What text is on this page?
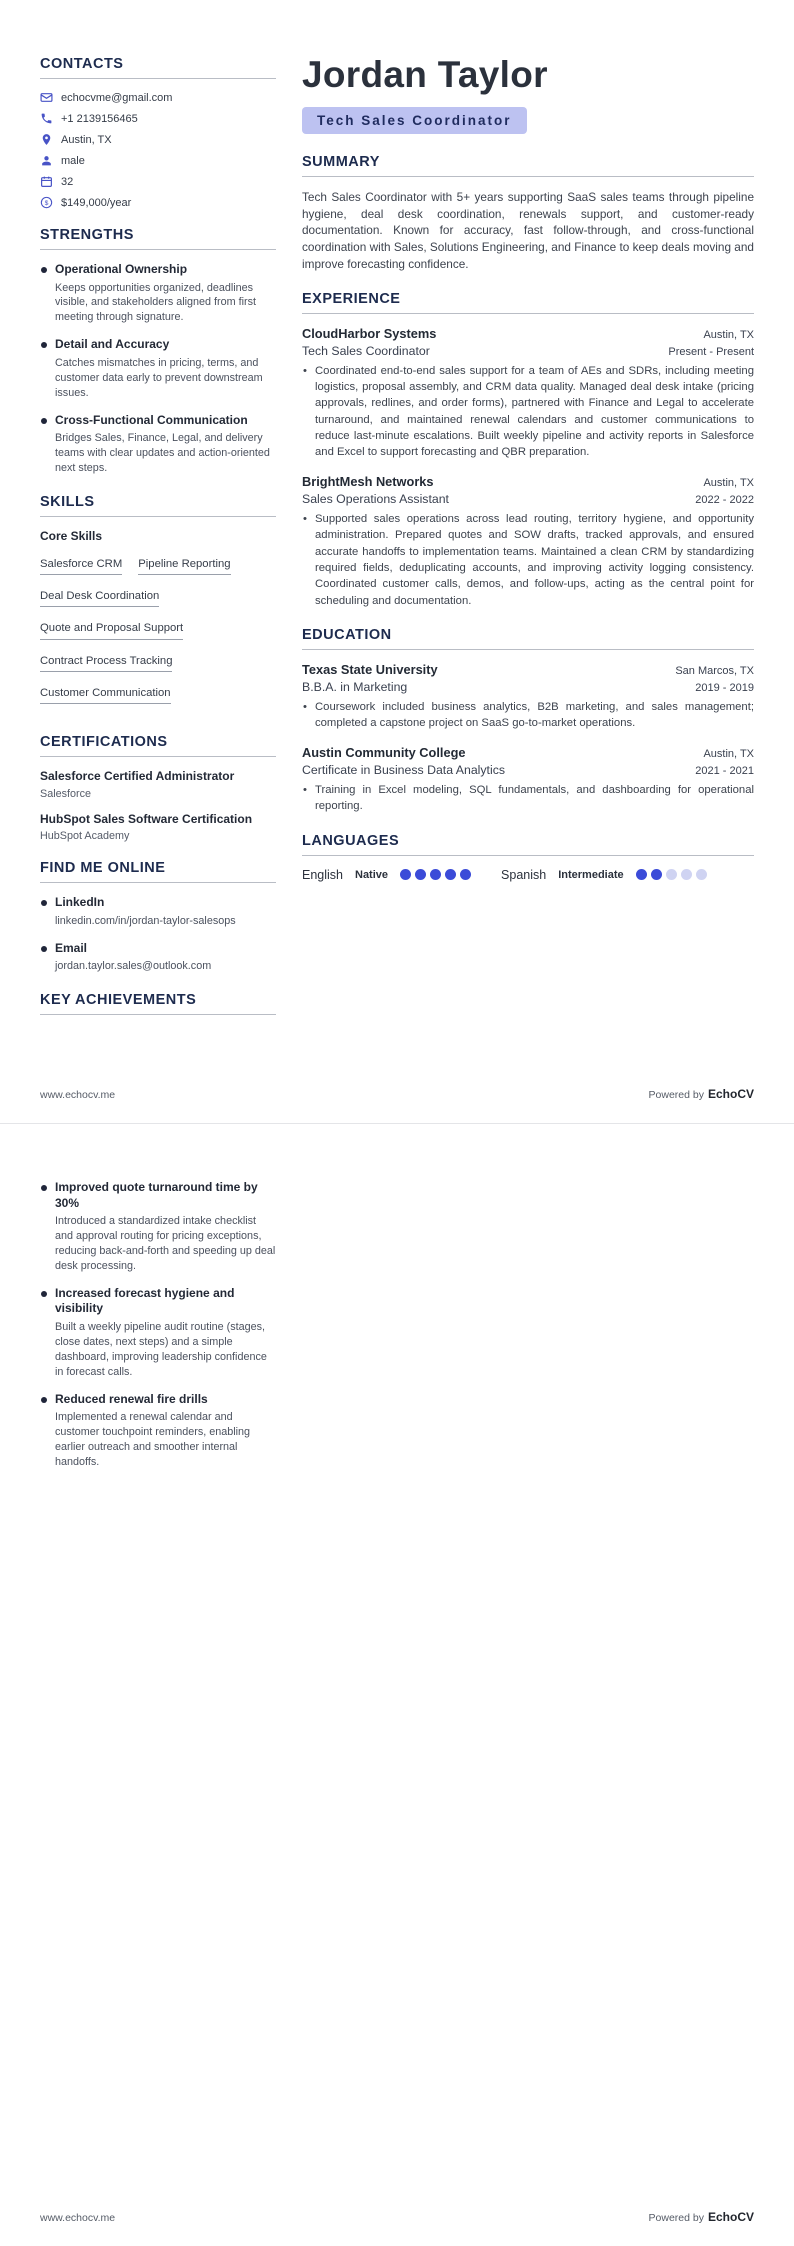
CONTACTS
echocvme@gmail.com
+1 2139156465
Austin, TX
male
32
$ $149,000/year
STRENGTHS
Operational Ownership
Keeps opportunities organized, deadlines visible, and stakeholders aligned from first meeting through signature.
Detail and Accuracy
Catches mismatches in pricing, terms, and customer data early to prevent downstream issues.
Cross-Functional Communication
Bridges Sales, Finance, Legal, and delivery teams with clear updates and action-oriented next steps.
SKILLS
Core Skills
Salesforce CRM Pipeline ReportingDeal Desk CoordinationQuote and Proposal SupportContract Process TrackingCustomer Communication
CERTIFICATIONS
Salesforce Certified Administrator
Salesforce
HubSpot Sales Software Certification
HubSpot Academy
FIND ME ONLINE
LinkedIn
linkedin.com/in/jordan-taylor-salesops
Email
jordan.taylor.sales@outlook.com
KEY ACHIEVEMENTS
Jordan Taylor
Tech Sales Coordinator
SUMMARY

Tech Sales Coordinator with 5+ years supporting SaaS sales teams through pipeline hygiene, deal desk coordination, renewals support, and customer-ready documentation. Known for accuracy, fast follow-through, and cross-functional coordination with Sales, Solutions Engineering, and Finance to keep deals moving and improve forecasting confidence.

EXPERIENCE
CloudHarbor Systems	Austin, TX
Tech Sales Coordinator	Present - Present
• Coordinated end-to-end sales support for a team of AEs and SDRs, including meeting logistics, proposal assembly, and CRM data quality. Managed deal desk intake (pricing approvals, redlines, and order forms), partnered with Finance and Legal to accelerate turnaround, and maintained renewal calendars and customer communications to reduce last-minute escalations. Built weekly pipeline and activity reports in Salesforce and Excel to support forecasting and QBR preparation.
BrightMesh Networks	Austin, TX
Sales Operations Assistant	2022 - 2022
• Supported sales operations across lead routing, territory hygiene, and opportunity administration. Prepared quotes and SOW drafts, tracked approvals, and ensured accurate handoffs to implementation teams. Maintained a clean CRM by standardizing required fields, deduplicating accounts, and improving activity logging consistency. Coordinated customer calls, demos, and follow-ups, acting as the central point for scheduling and documentation.
EDUCATION
Texas State University	San Marcos, TX
B.B.A. in Marketing	2019 - 2019
• Coursework included business analytics, B2B marketing, and sales management; completed a capstone project on SaaS go-to-market operations.
Austin Community College	Austin, TX
Certificate in Business Data Analytics	2021 - 2021
• Training in Excel modeling, SQL fundamentals, and dashboarding for operational reporting.
LANGUAGES
English Native	Spanish Intermediate
www.echocv.me	Powered by EchoCV
Improved quote turnaround time by 30%
Introduced a standardized intake checklist and approval routing for pricing exceptions, reducing back-and-forth and speeding up deal desk processing.
Increased forecast hygiene and visibility
Built a weekly pipeline audit routine (stages, close dates, next steps) and a simple dashboard, improving leadership confidence in forecast calls.
Reduced renewal fire drills
Implemented a renewal calendar and customer touchpoint reminders, enabling earlier outreach and smoother internal handoffs.
www.echocv.me	Powered by EchoCV
